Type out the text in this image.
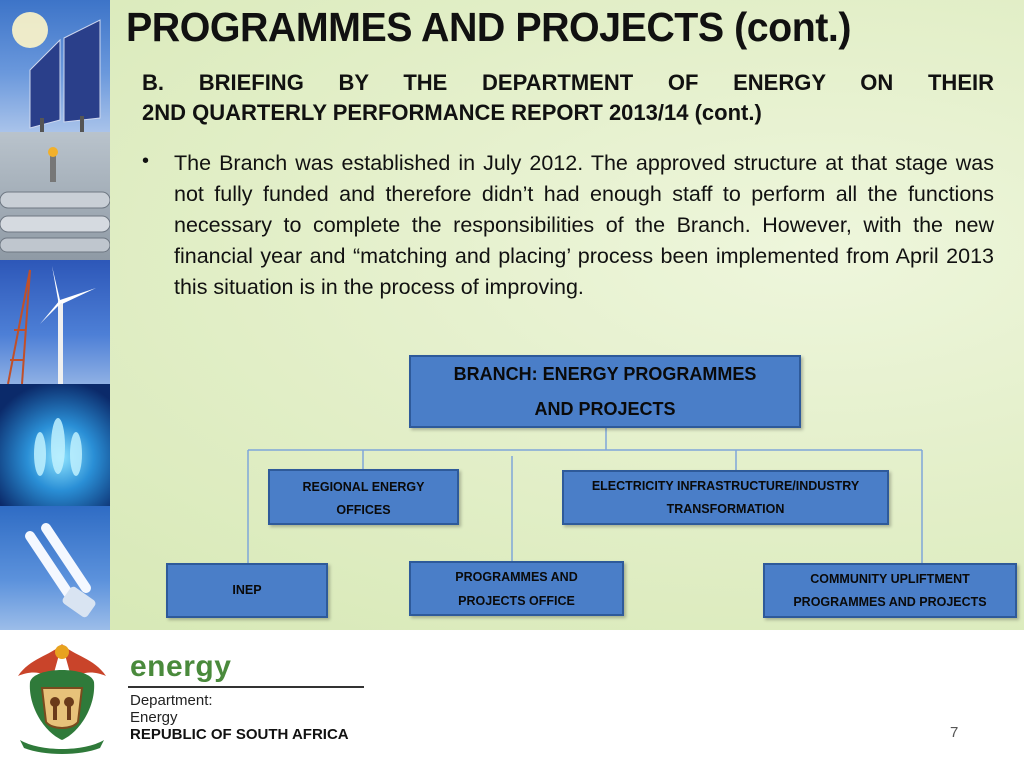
PROGRAMMES AND PROJECTS (cont.)
B. BRIEFING BY THE DEPARTMENT OF ENERGY ON THEIR
2ND QUARTERLY PERFORMANCE REPORT 2013/14 (cont.)
• The Branch was established in July 2012. The approved structure at that stage was not fully funded and therefore didn’t had enough staff to perform all the functions necessary to complete the responsibilities of the Branch. However, with the new financial year and “matching and placing’ process been implemented from April 2013 this situation is in the process of improving.

BRANCH: ENERGY PROGRAMMES
AND PROJECTS
REGIONAL ENERGY
OFFICES
ELECTRICITY INFRASTRUCTURE/INDUSTRY
TRANSFORMATION
INEP
PROGRAMMES AND
PROJECTS OFFICE
COMMUNITY UPLIFTMENT
PROGRAMMES AND PROJECTS
energy
Department:
Energy
REPUBLIC OF SOUTH AFRICA	7
